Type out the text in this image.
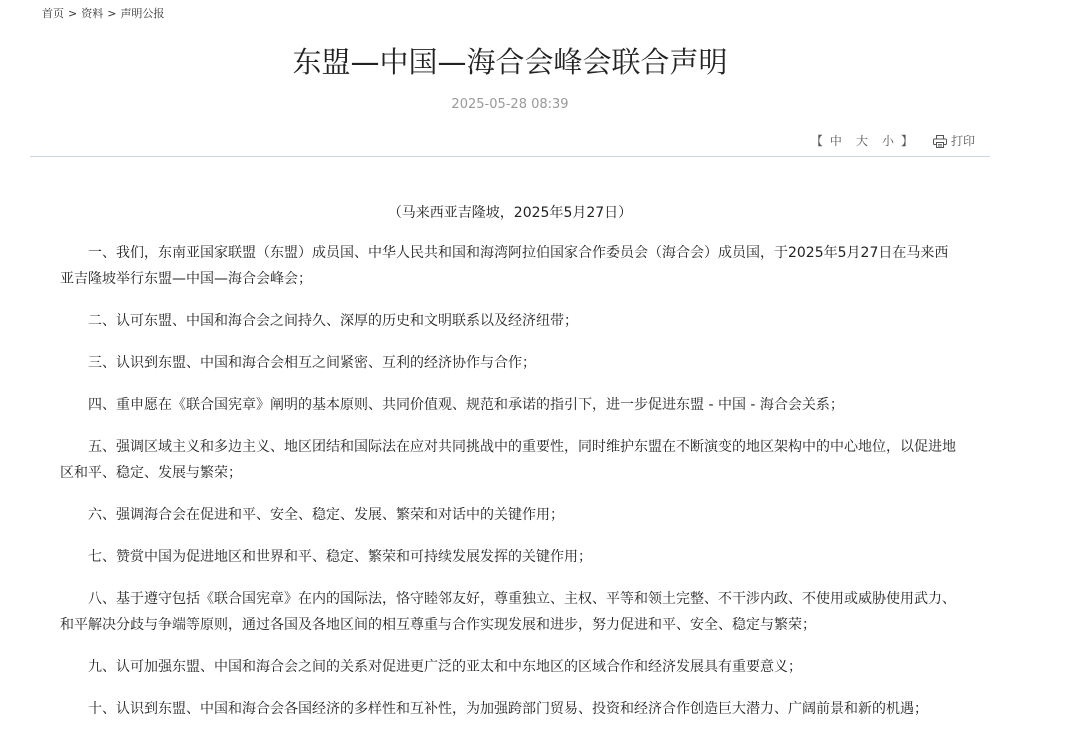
首页 > 资料 > 声明公报
东盟—中国—海合会峰会联合声明
2025-05-28 08:39
【 中 大 小 】	打印
（马来西亚吉隆坡，2025年5月27日）

一、我们，东南亚国家联盟（东盟）成员国、中华人民共和国和海湾阿拉伯国家合作委员会（海合会）成员国，于2025年5月27日在马来西亚吉隆坡举行东盟—中国—海合会峰会；

二、认可东盟、中国和海合会之间持久、深厚的历史和文明联系以及经济纽带；

三、认识到东盟、中国和海合会相互之间紧密、互利的经济协作与合作；

四、重申愿在《联合国宪章》阐明的基本原则、共同价值观、规范和承诺的指引下，进一步促进东盟 - 中国 - 海合会关系；

五、强调区域主义和多边主义、地区团结和国际法在应对共同挑战中的重要性，同时维护东盟在不断演变的地区架构中的中心地位，以促进地区和平、稳定、发展与繁荣；

六、强调海合会在促进和平、安全、稳定、发展、繁荣和对话中的关键作用；

七、赞赏中国为促进地区和世界和平、稳定、繁荣和可持续发展发挥的关键作用；

八、基于遵守包括《联合国宪章》在内的国际法，恪守睦邻友好，尊重独立、主权、平等和领土完整、不干涉内政、不使用或威胁使用武力、和平解决分歧与争端等原则，通过各国及各地区间的相互尊重与合作实现发展和进步，努力促进和平、安全、稳定与繁荣；

九、认可加强东盟、中国和海合会之间的关系对促进更广泛的亚太和中东地区的区域合作和经济发展具有重要意义；

十、认识到东盟、中国和海合会各国经济的多样性和互补性，为加强跨部门贸易、投资和经济合作创造巨大潜力、广阔前景和新的机遇；
